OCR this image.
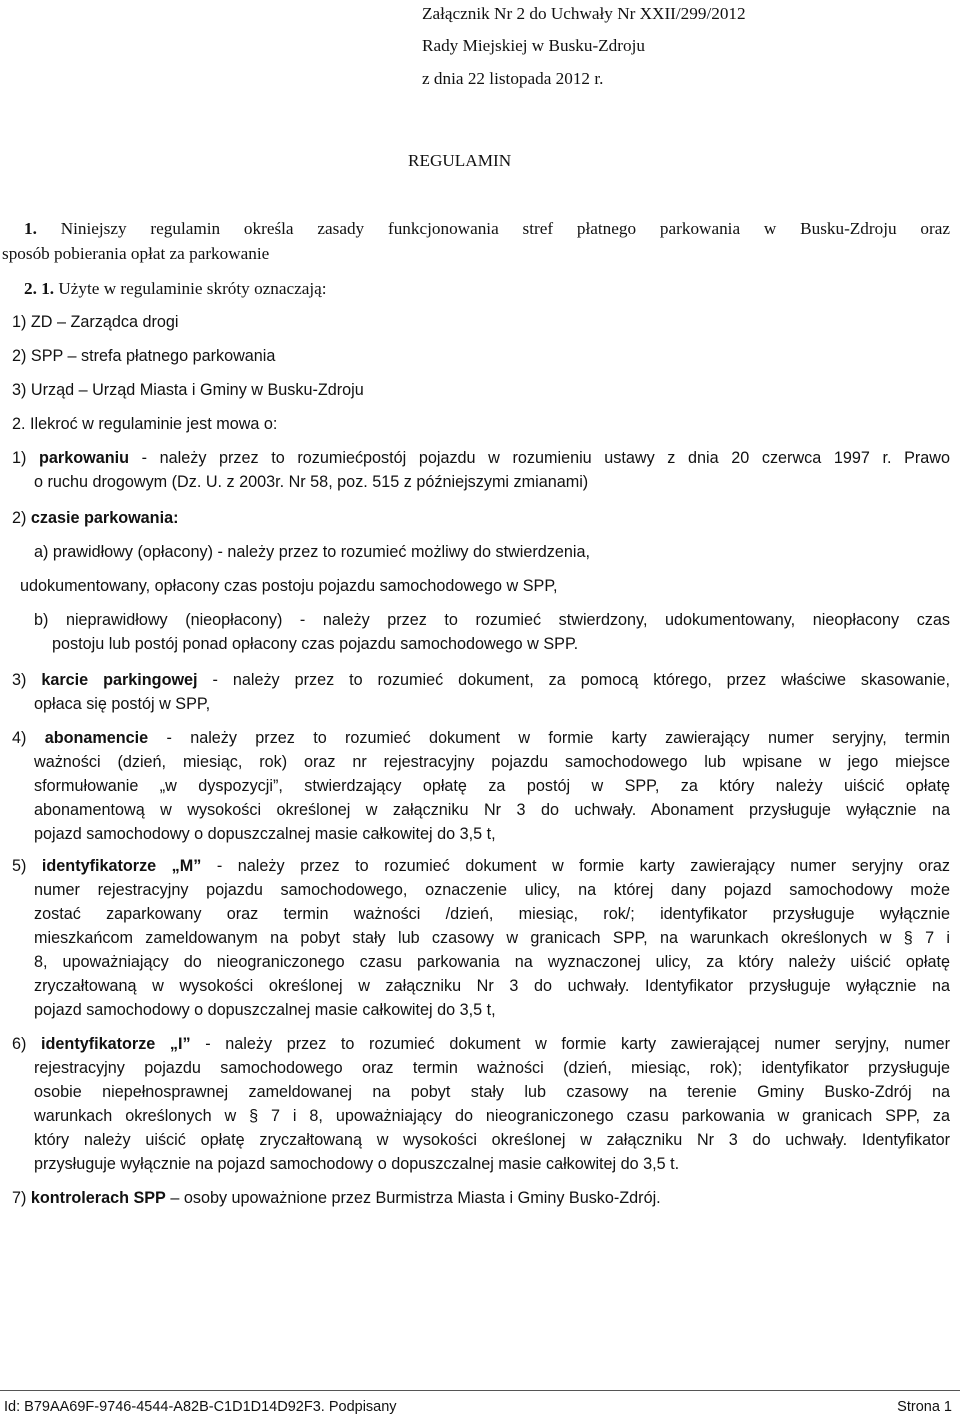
Załącznik Nr 2 do Uchwały Nr XXII/299/2012
Rady Miejskiej w Busku-Zdroju
z dnia 22 listopada 2012 r.
REGULAMIN
1. Niniejszy regulamin określa zasady funkcjonowania stref płatnego parkowania w Busku-Zdroju oraz
sposób pobierania opłat za parkowanie
2. 1. Użyte w regulaminie skróty oznaczają:
1) ZD – Zarządca drogi
2) SPP – strefa płatnego parkowania
3) Urząd – Urząd Miasta i Gminy w Busku-Zdroju
2. Ilekroć w regulaminie jest mowa o:
1) parkowaniu - należy przez to rozumiećpostój pojazdu w rozumieniu ustawy z dnia 20 czerwca 1997 r. Prawo
o ruchu drogowym (Dz. U. z 2003r. Nr 58, poz. 515 z późniejszymi zmianami)
2) czasie parkowania:
a) prawidłowy (opłacony) - należy przez to rozumieć możliwy do stwierdzenia,
udokumentowany, opłacony czas postoju pojazdu samochodowego w SPP,
b) nieprawidłowy (nieopłacony) - należy przez to rozumieć stwierdzony, udokumentowany, nieopłacony czas
postoju lub postój ponad opłacony czas pojazdu samochodowego w SPP.
3) karcie parkingowej - należy przez to rozumieć dokument, za pomocą którego, przez właściwe skasowanie,
opłaca się postój w SPP,
4) abonamencie - należy przez to rozumieć dokument w formie karty zawierający numer seryjny, termin
ważności (dzień, miesiąc, rok) oraz nr rejestracyjny pojazdu samochodowego lub wpisane w jego miejsce
sformułowanie „w dyspozycji”, stwierdzający opłatę za postój w SPP, za który należy uiścić opłatę
abonamentową w wysokości określonej w załączniku Nr 3 do uchwały. Abonament przysługuje wyłącznie na
pojazd samochodowy o dopuszczalnej masie całkowitej do 3,5 t,
5) identyfikatorze „M” - należy przez to rozumieć dokument w formie karty zawierający numer seryjny oraz
numer rejestracyjny pojazdu samochodowego, oznaczenie ulicy, na której dany pojazd samochodowy może
zostać zaparkowany oraz termin ważności /dzień, miesiąc, rok/; identyfikator przysługuje wyłącznie
mieszkańcom zameldowanym na pobyt stały lub czasowy w granicach SPP, na warunkach określonych w § 7 i
8, upoważniający do nieograniczonego czasu parkowania na wyznaczonej ulicy, za który należy uiścić opłatę
zryczałtowaną w wysokości określonej w załączniku Nr 3 do uchwały. Identyfikator przysługuje wyłącznie na
pojazd samochodowy o dopuszczalnej masie całkowitej do 3,5 t,
6) identyfikatorze „I” - należy przez to rozumieć dokument w formie karty zawierającej numer seryjny, numer
rejestracyjny pojazdu samochodowego oraz termin ważności (dzień, miesiąc, rok); identyfikator przysługuje
osobie niepełnosprawnej zameldowanej na pobyt stały lub czasowy na terenie Gminy Busko-Zdrój na
warunkach określonych w § 7 i 8, upoważniający do nieograniczonego czasu parkowania w granicach SPP, za
który należy uiścić opłatę zryczałtowaną w wysokości określonej w załączniku Nr 3 do uchwały. Identyfikator
przysługuje wyłącznie na pojazd samochodowy o dopuszczalnej masie całkowitej do 3,5 t.
7) kontrolerach SPP – osoby upoważnione przez Burmistrza Miasta i Gminy Busko-Zdrój.
Id: B79AA69F-9746-4544-A82B-C1D1D14D92F3. Podpisany	Strona 1
